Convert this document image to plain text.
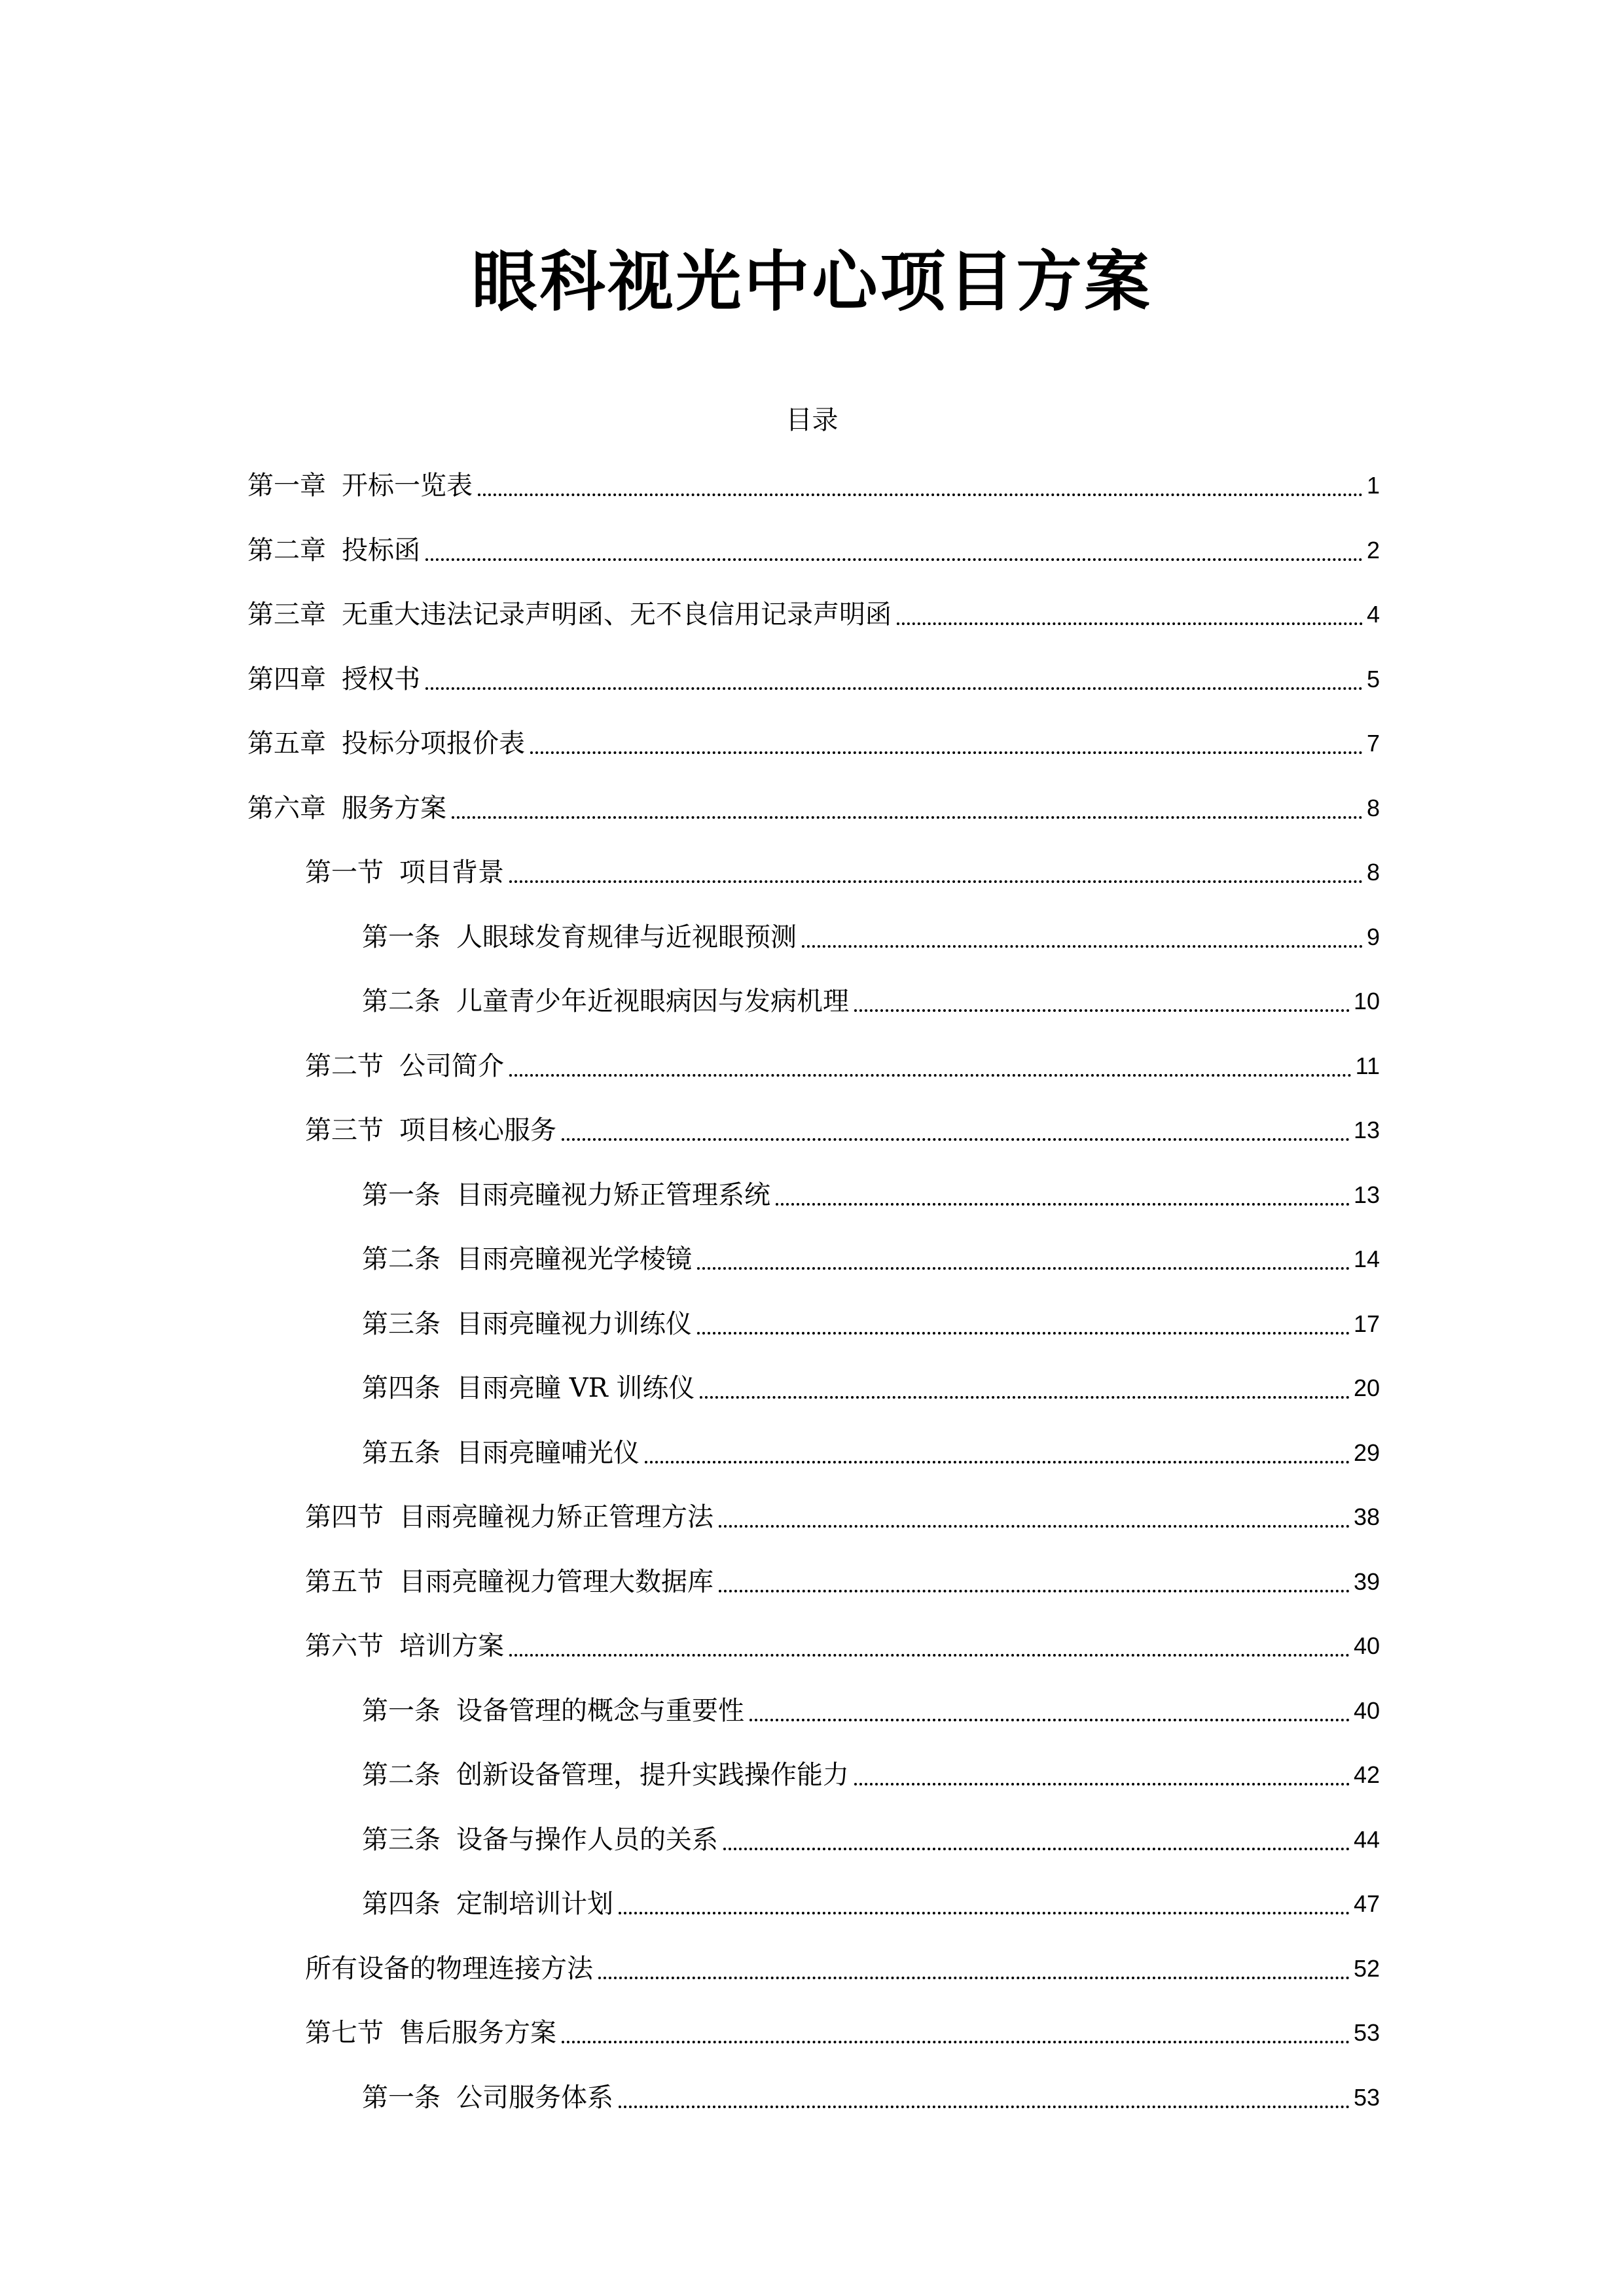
眼科视光中心项目方案
目录
第一章 开标一览表	1
第二章 投标函	2
第三章 无重大违法记录声明函、无不良信用记录声明函	4
第四章 授权书	5
第五章 投标分项报价表	7
第六章 服务方案	8
第一节 项目背景	8
第一条 人眼球发育规律与近视眼预测	9
第二条 儿童青少年近视眼病因与发病机理	10
第二节 公司简介	11
第三节 项目核心服务	13
第一条 目雨亮瞳视力矫正管理系统	13
第二条 目雨亮瞳视光学棱镜	14
第三条 目雨亮瞳视力训练仪	17
第四条 目雨亮瞳 VR 训练仪	20
第五条 目雨亮瞳哺光仪	29
第四节 目雨亮瞳视力矫正管理方法	38
第五节 目雨亮瞳视力管理大数据库	39
第六节 培训方案	40
第一条 设备管理的概念与重要性	40
第二条 创新设备管理，提升实践操作能力	42
第三条 设备与操作人员的关系	44
第四条 定制培训计划	47
所有设备的物理连接方法	52
第七节 售后服务方案	53
第一条 公司服务体系	53
